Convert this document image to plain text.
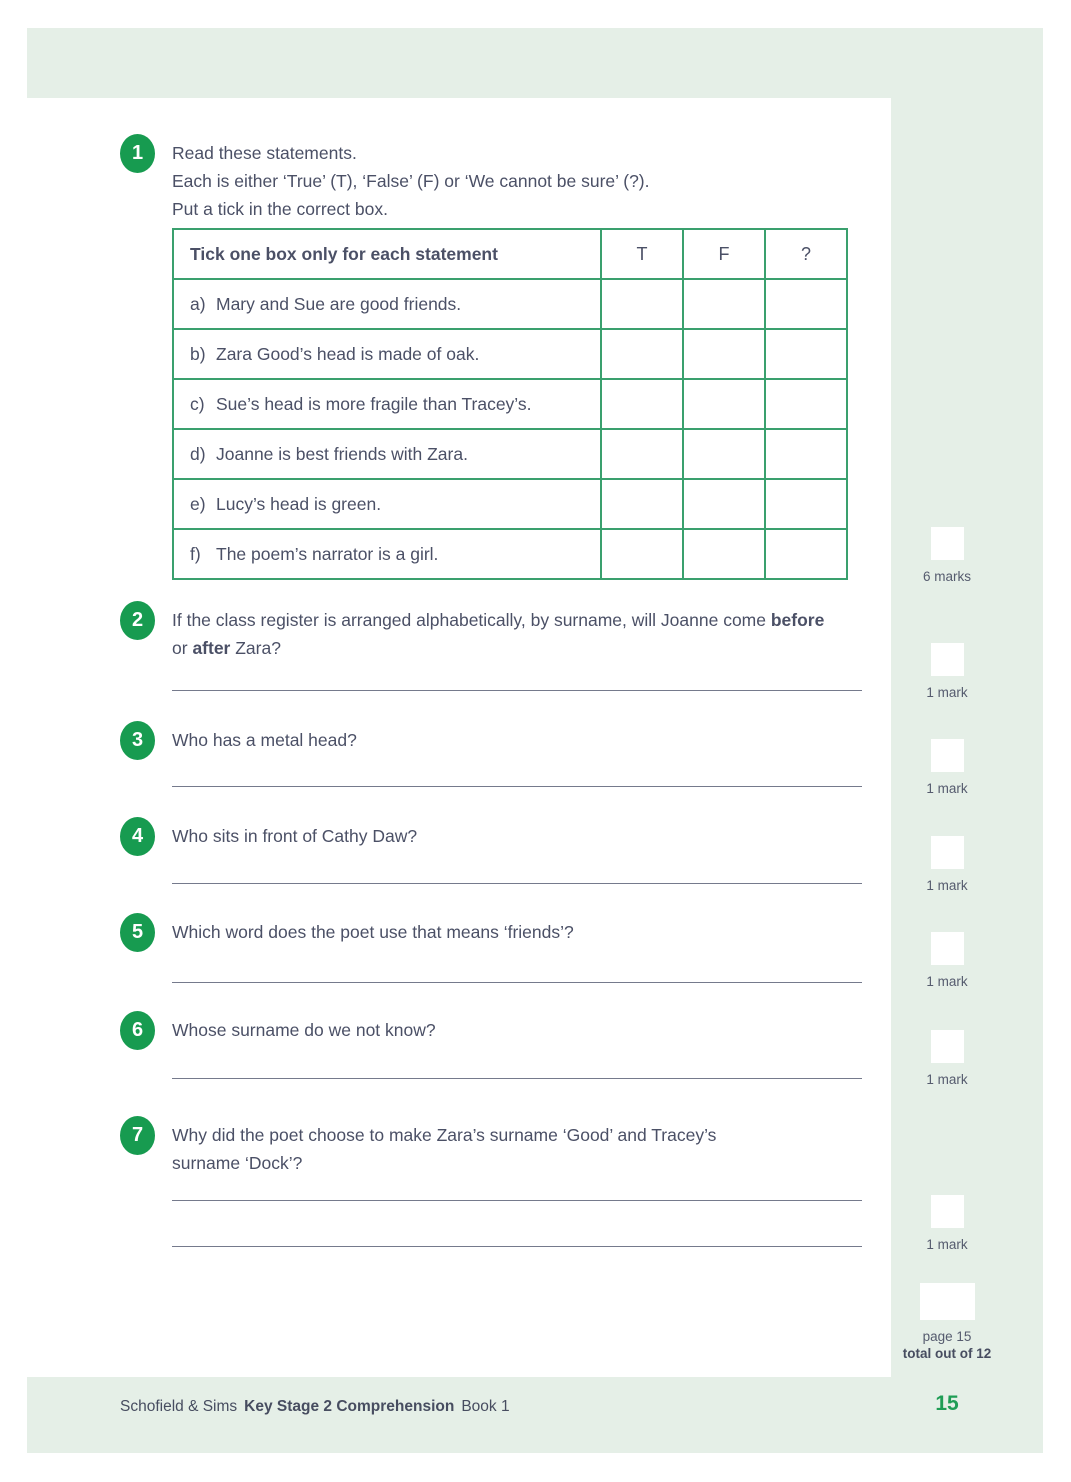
1	Read these statements.
Each is either ‘True’ (T), ‘False’ (F) or ‘We cannot be sure’ (?).
Put a tick in the correct box.
Tick one box only for each statement	T	F	?
a) Mary and Sue are good friends.			
b) Zara Good’s head is made of oak.			
c) Sue’s head is more fragile than Tracey’s.			
d) Joanne is best friends with Zara.			
e) Lucy’s head is green.			
f) The poem’s narrator is a girl.			
2	If the class register is arranged alphabetically, by surname, will Joanne come before
or after Zara?
3	Who has a metal head?
4	Who sits in front of Cathy Daw?
5	Which word does the poet use that means ‘friends’?
6	Whose surname do we not know?
7	Why did the poet choose to make Zara’s surname ‘Good’ and Tracey’s
surname ‘Dock’?
6 marks
1 mark
1 mark
1 mark
1 mark
1 mark
1 mark
page 15
total out of 12
Schofield & Sims Key Stage 2 Comprehension Book 1	15
